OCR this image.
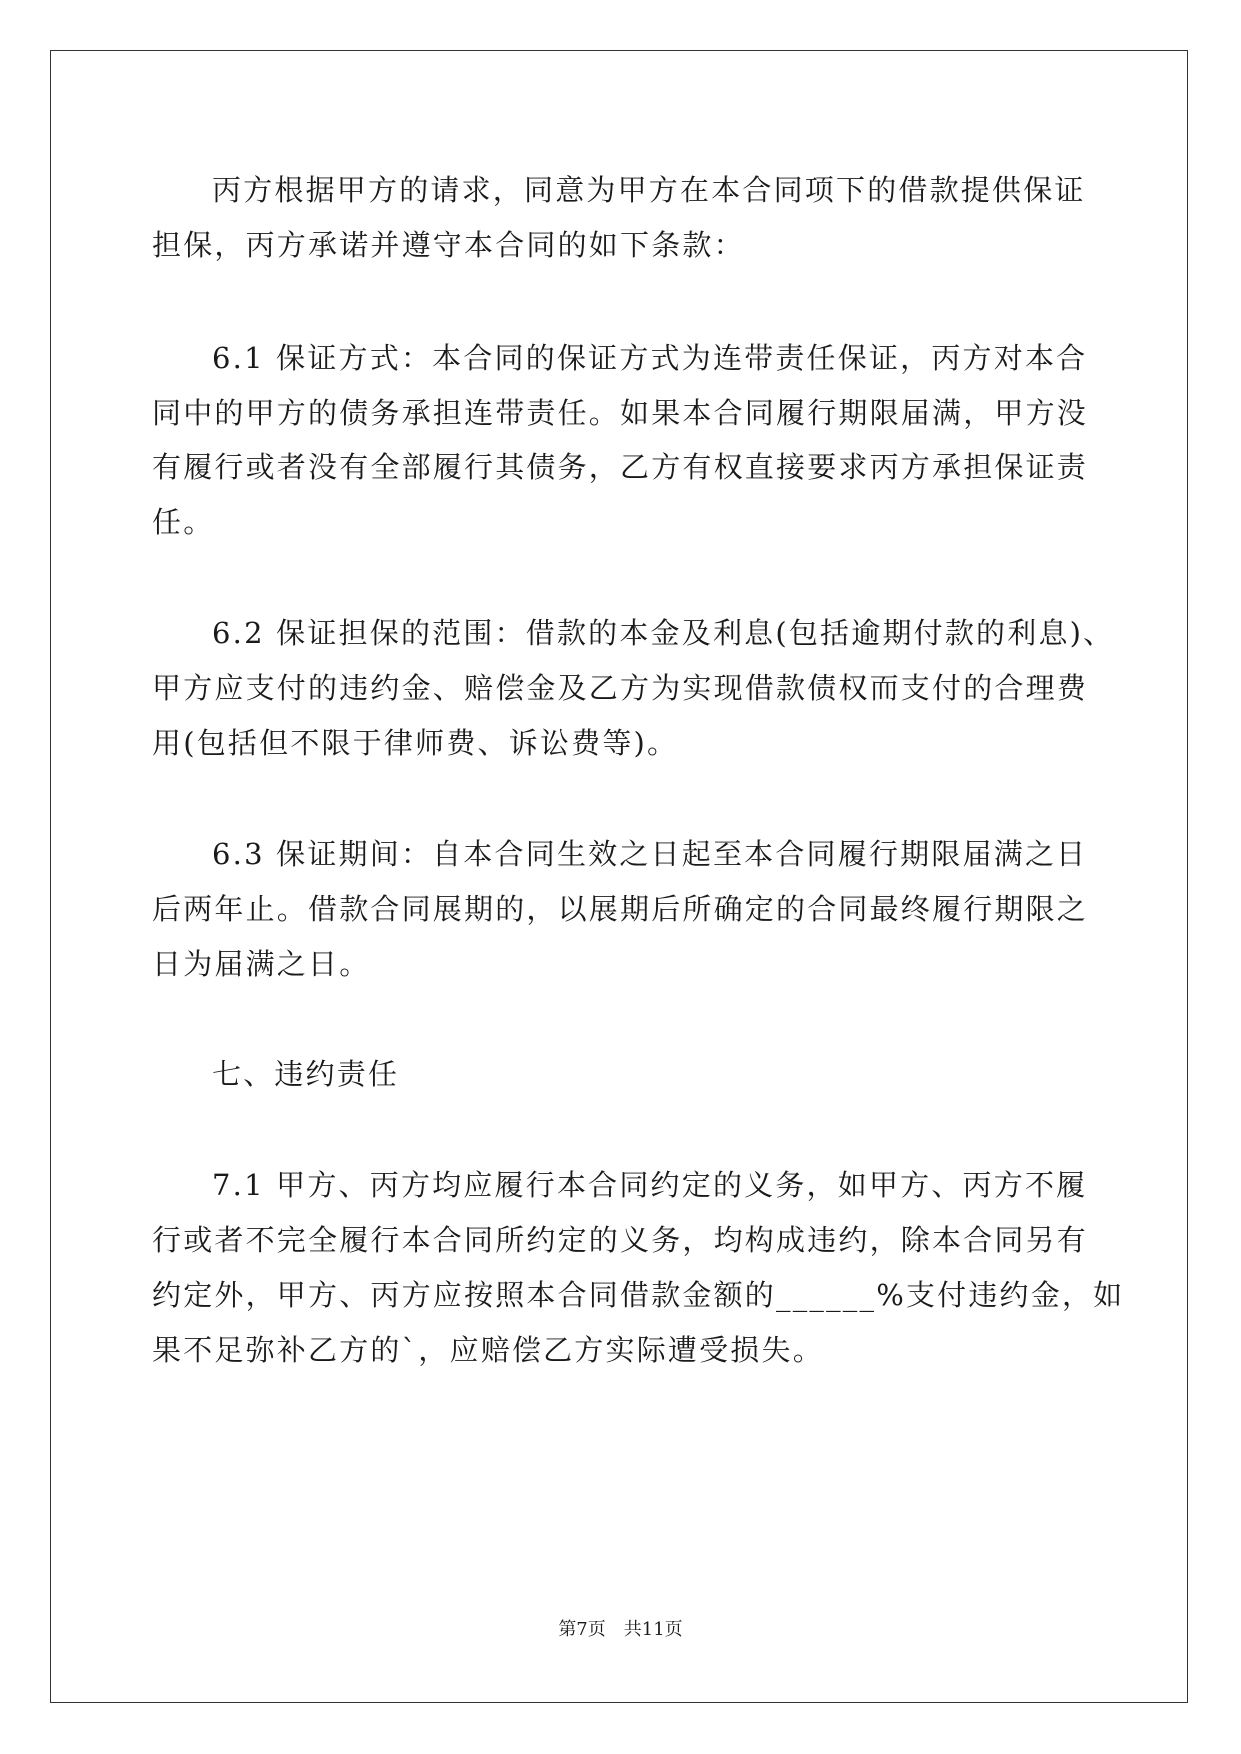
丙方根据甲方的请求，同意为甲方在本合同项下的借款提供保证
担保，丙方承诺并遵守本合同的如下条款：
6.1 保证方式：本合同的保证方式为连带责任保证，丙方对本合
同中的甲方的债务承担连带责任。如果本合同履行期限届满，甲方没
有履行或者没有全部履行其债务，乙方有权直接要求丙方承担保证责
任。
6.2 保证担保的范围：借款的本金及利息(包括逾期付款的利息)、
甲方应支付的违约金、赔偿金及乙方为实现借款债权而支付的合理费
用(包括但不限于律师费、诉讼费等)。
6.3 保证期间：自本合同生效之日起至本合同履行期限届满之日
后两年止。借款合同展期的，以展期后所确定的合同最终履行期限之
日为届满之日。
七、违约责任
7.1 甲方、丙方均应履行本合同约定的义务，如甲方、丙方不履
行或者不完全履行本合同所约定的义务，均构成违约，除本合同另有
约定外，甲方、丙方应按照本合同借款金额的______%支付违约金，如
果不足弥补乙方的`，应赔偿乙方实际遭受损失。
第7页　共11页
